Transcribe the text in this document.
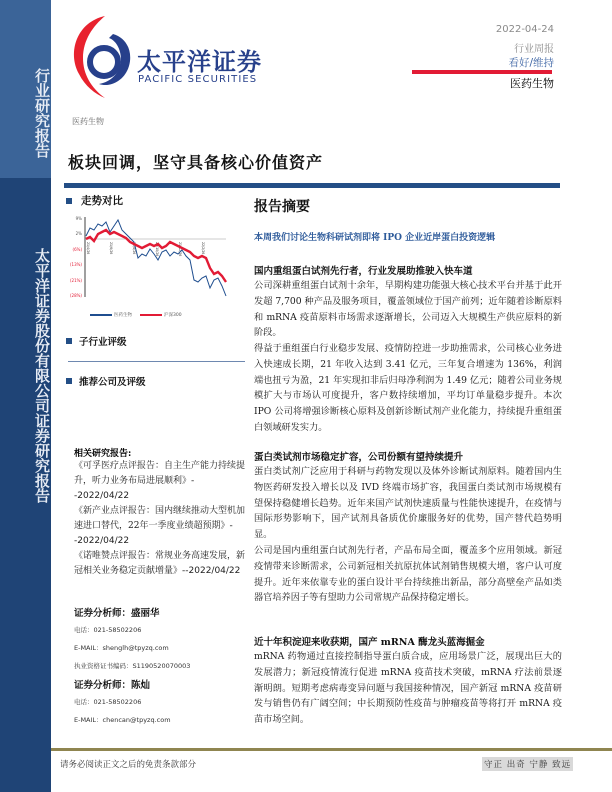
行业研究报告
太平洋证券股份有限公司证券研究报告
太平洋证券
PACIFIC SECURITIES
2022-04-24
行业周报
看好/维持
医药生物
医药生物
板块回调，坚守具备核心价值资产
走势对比
9%
2%
(6%)
(13%)
(21%)
(28%)
21/4/26	21/6/26	21/8/26	21/10/26	21/12/26	22/2/26
医药生物	沪深300
子行业评级
推荐公司及评级
相关研究报告:
《可孚医疗点评报告：自主生产能力持续提升，听力业务布局进展顺利》--2022/04/22
《新产业点评报告：国内继续推动大型机加速进口替代，22年一季度业绩超预期》--2022/04/22
《诺唯赞点评报告：常规业务高速发展，新冠相关业务稳定贡献增量》--2022/04/22
证券分析师：盛丽华
电话：021-58502206
E-MAIL：shenglh@tpyzq.com
执业资格证书编码：S1190520070003
证券分析师：陈灿
电话：021-58502206
E-MAIL：chencan@tpyzq.com
报告摘要
本周我们讨论生物科研试剂即将 IPO 企业近岸蛋白投资逻辑
国内重组蛋白试剂先行者，行业发展助推驶入快车道
公司深耕重组蛋白试剂十余年，早期构建功能强大核心技术平台并基于此开发超 7,700 种产品及服务项目，覆盖领域位于国产前列；近年随着诊断原料和 mRNA 疫苗原料市场需求逐渐增长，公司迈入大规模生产供应原料的新阶段。
得益于重组蛋白行业稳步发展、疫情防控进一步助推需求，公司核心业务进入快速成长期，21 年收入达到 3.41 亿元，三年复合增速为 136%，利润端也扭亏为盈，21 年实现扣非后归母净利润为 1.49 亿元；随着公司业务规模扩大与市场认可度提升，客户数持续增加，平均订单量稳步提升。本次 IPO 公司将增强诊断核心原料及创新诊断试剂产业化能力，持续提升重组蛋白领域研发实力。
蛋白类试剂市场稳定扩容，公司份额有望持续提升
蛋白类试剂广泛应用于科研与药物发现以及体外诊断试剂原料。随着国内生物医药研发投入增长以及 IVD 终端市场扩容，我国蛋白类试剂市场规模有望保持稳健增长趋势。近年来国产试剂快速质量与性能快速提升，在疫情与国际形势影响下，国产试剂具备质优价廉服务好的优势，国产替代趋势明显。
公司是国内重组蛋白试剂先行者，产品布局全面，覆盖多个应用领域。新冠疫情带来诊断需求，公司新冠相关抗原抗体试剂销售规模大增，客户认可度提升。近年来依靠专业的蛋白设计平台持续推出新品，部分高壁垒产品如类器官培养因子等有望助力公司常规产品保持稳定增长。
近十年积淀迎来收获期，国产 mRNA 酶龙头蓝海掘金
mRNA 药物通过直接控制指导蛋白质合成，应用场景广泛，展现出巨大的发展潜力；新冠疫情流行促进 mRNA 疫苗技术突破，mRNA 疗法前景逐渐明朗。短期考虑病毒变异问题与我国接种情况，国产新冠 mRNA 疫苗研发与销售仍有广阔空间；中长期预防性疫苗与肿瘤疫苗等将打开 mRNA 疫苗市场空间。
请务必阅读正文之后的免责条款部分	守正 出奇 宁静 致远
